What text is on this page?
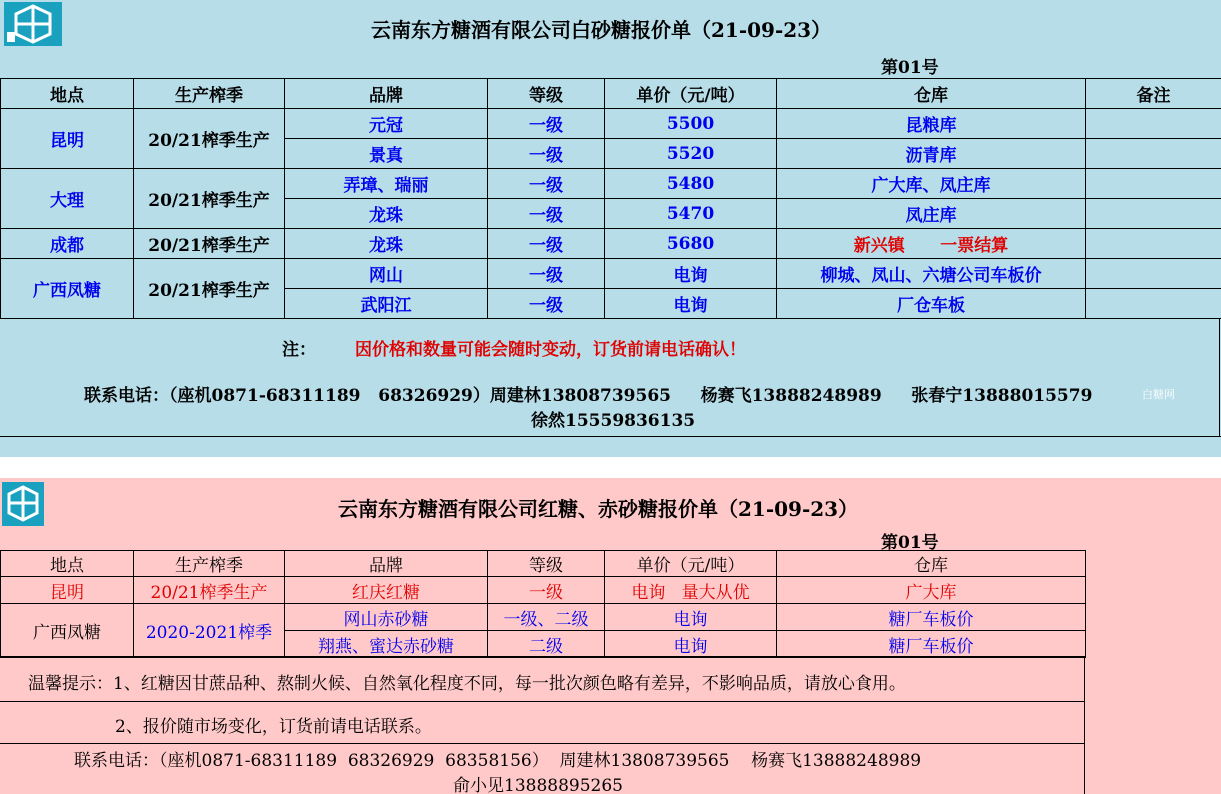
云南东方糖酒有限公司白砂糖报价单（21-09-23）
第01号
地点	生产榨季	品牌	等级	单价（元/吨）	仓库	备注
昆明	20/21榨季生产	元冠	一级	5500	昆粮库	
		景真	一级	5520	沥青库	
大理	20/21榨季生产	弄璋、瑞丽	一级	5480	广大库、凤庄库	
		龙珠	一级	5470	凤庄库	
成都	20/21榨季生产	龙珠	一级	5680	新兴镇      一票结算	
广西凤糖	20/21榨季生产	网山	一级	电询	柳城、凤山、六塘公司车板价	
		武阳江	一级	电询	厂仓车板	
注： 因价格和数量可能会随时变动，订货前请电话确认！
联系电话：（座机0871-68311189   68326929）周建林13808739565     杨赛飞13888248989     张春宁13888015579	白糖网
徐然15559836135
云南东方糖酒有限公司红糖、赤砂糖报价单（21-09-23）
第01号
地点	生产榨季	品牌	等级	单价（元/吨）	仓库
昆明	20/21榨季生产	红庆红糖	一级	电询   量大从优	广大库
广西凤糖	2020-2021榨季	网山赤砂糖	一级、二级	电询	糖厂车板价
		翔燕、蜜达赤砂糖	二级	电询	糖厂车板价
温馨提示：1、红糖因甘蔗品种、熬制火候、自然氧化程度不同，每一批次颜色略有差异，不影响品质，请放心食用。
2、报价随市场变化，订货前请电话联系。
联系电话：（座机0871-68311189  68326929  68358156）  周建林13808739565    杨赛飞13888248989
俞小见13888895265
